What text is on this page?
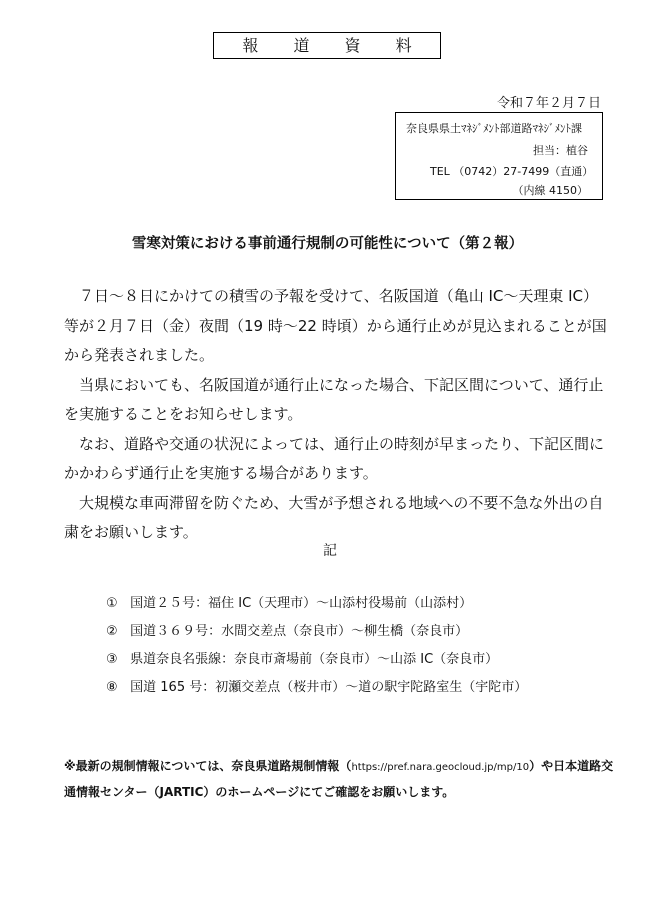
報 道 資 料
令和７年２月７日
奈良県県土ﾏﾈｼﾞﾒﾝﾄ部道路ﾏﾈｼﾞﾒﾝﾄ課
担当：植谷
TEL （0742）27-7499（直通）
（内線 4150）
雪寒対策における事前通行規制の可能性について（第２報）

７日～８日にかけての積雪の予報を受けて、名阪国道（亀山 IC～天理東 IC）等が２月７日（金）夜間（19 時～22 時頃）から通行止めが見込まれることが国から発表されました。

当県においても、名阪国道が通行止になった場合、下記区間について、通行止を実施することをお知らせします。

なお、道路や交通の状況によっては、通行止の時刻が早まったり、下記区間にかかわらず通行止を実施する場合があります。

大規模な車両滞留を防ぐため、大雪が予想される地域への不要不急な外出の自粛をお願いします。

記
① 国道２５号：福住 IC（天理市）～山添村役場前（山添村）
② 国道３６９号：水間交差点（奈良市）～柳生橋（奈良市）
③ 県道奈良名張線：奈良市斎場前（奈良市）～山添 IC（奈良市）
⑧ 国道 165 号：初瀬交差点（桜井市）～道の駅宇陀路室生（宇陀市）
※最新の規制情報については、奈良県道路規制情報（https://pref.nara.geocloud.jp/mp/10）や日本道路交通情報センター（JARTIC）のホームページにてご確認をお願いします。
